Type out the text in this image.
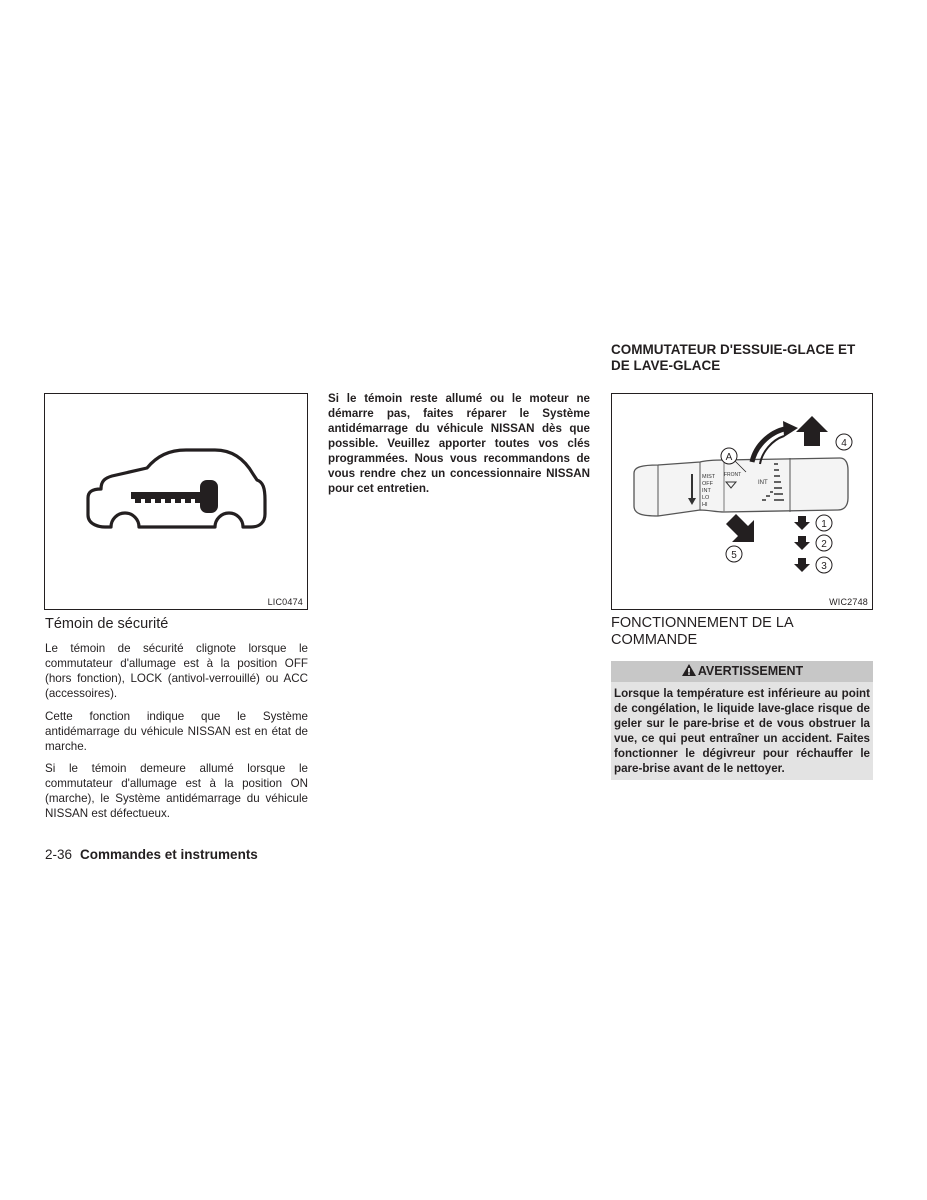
LIC0474
Témoin de sécurité

Le témoin de sécurité clignote lorsque le commutateur d'allumage est à la position OFF (hors fonction), LOCK (antivol-verrouillé) ou ACC (accessoires).

Cette fonction indique que le Système antidémarrage du véhicule NISSAN est en état de marche.

Si le témoin demeure allumé lorsque le commutateur d'allumage est à la position ON (marche), le Système antidémarrage du véhicule NISSAN est défectueux.

Si le témoin reste allumé ou le moteur ne démarre pas, faites réparer le Système antidémarrage du véhicule NISSAN dès que possible. Veuillez apporter toutes vos clés programmées. Nous vous recommandons de vous rendre chez un concessionnaire NISSAN pour cet entretien.

COMMUTATEUR D'ESSUIE-GLACE ET
DE LAVE-GLACE
MIST
OFF
INT
LO
HI
FRONT
INT
A
1
2
3
4
5
WIC2748
FONCTIONNEMENT DE LA
COMMANDE
AVERTISSEMENT
Lorsque la température est inférieure au point de congélation, le liquide lave-glace risque de geler sur le pare-brise et de vous obstruer la vue, ce qui peut entraîner un accident. Faites fonctionner le dégivreur pour réchauffer le pare-brise avant de le nettoyer.
2-36 Commandes et instruments
